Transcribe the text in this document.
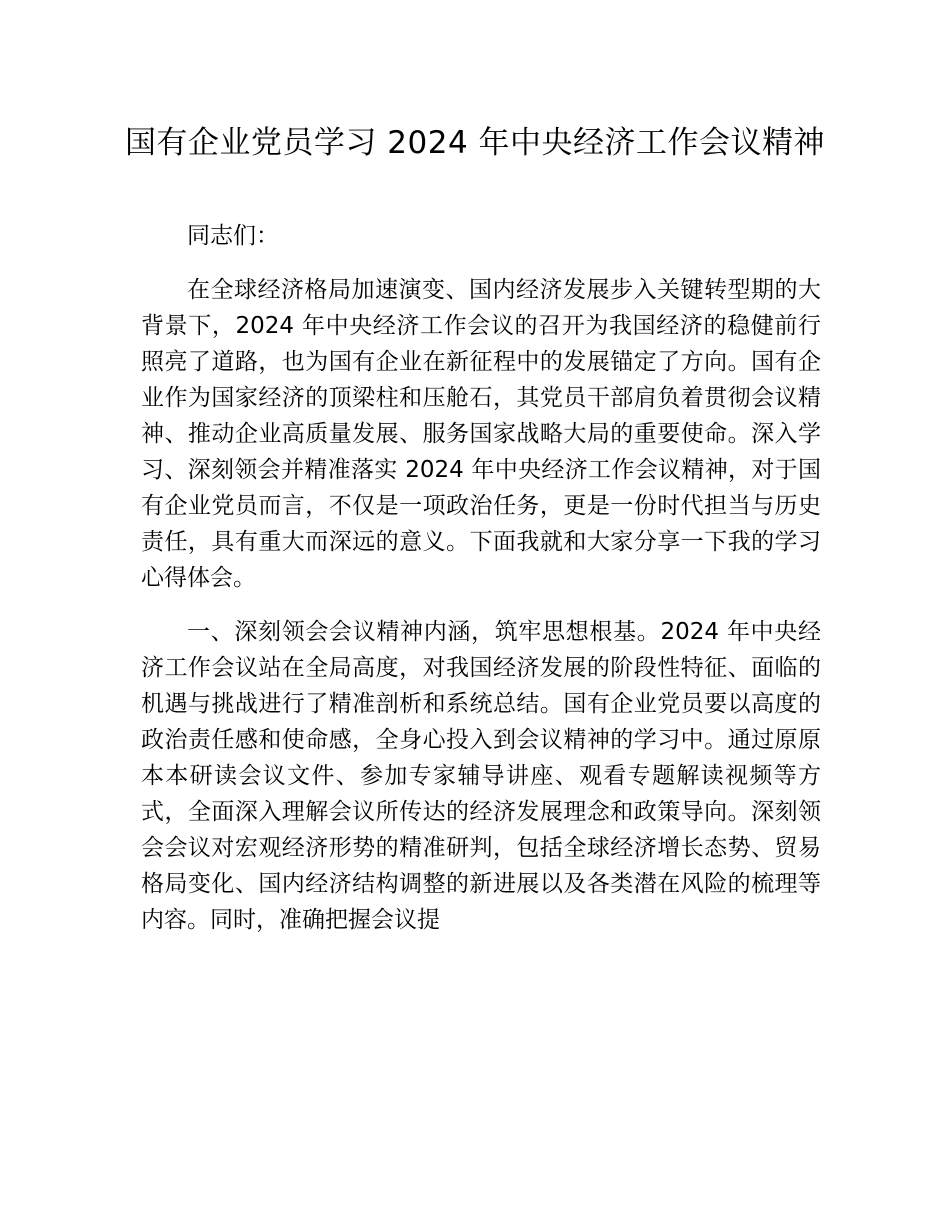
国有企业党员学习 2024 年中央经济工作会议精神

同志们：

在全球经济格局加速演变、国内经济发展步入关键转型期的大背景下，2024 年中央经济工作会议的召开为我国经济的稳健前行照亮了道路，也为国有企业在新征程中的发展锚定了方向。国有企业作为国家经济的顶梁柱和压舱石，其党员干部肩负着贯彻会议精神、推动企业高质量发展、服务国家战略大局的重要使命。深入学习、深刻领会并精准落实 2024 年中央经济工作会议精神，对于国有企业党员而言，不仅是一项政治任务，更是一份时代担当与历史责任，具有重大而深远的意义。下面我就和大家分享一下我的学习心得体会。

一、深刻领会会议精神内涵，筑牢思想根基。2024 年中央经济工作会议站在全局高度，对我国经济发展的阶段性特征、面临的机遇与挑战进行了精准剖析和系统总结。国有企业党员要以高度的政治责任感和使命感，全身心投入到会议精神的学习中。通过原原本本研读会议文件、参加专家辅导讲座、观看专题解读视频等方式，全面深入理解会议所传达的经济发展理念和政策导向。深刻领会会议对宏观经济形势的精准研判，包括全球经济增长态势、贸易格局变化、国内经济结构调整的新进展以及各类潜在风险的梳理等内容。同时，准确把握会议提
